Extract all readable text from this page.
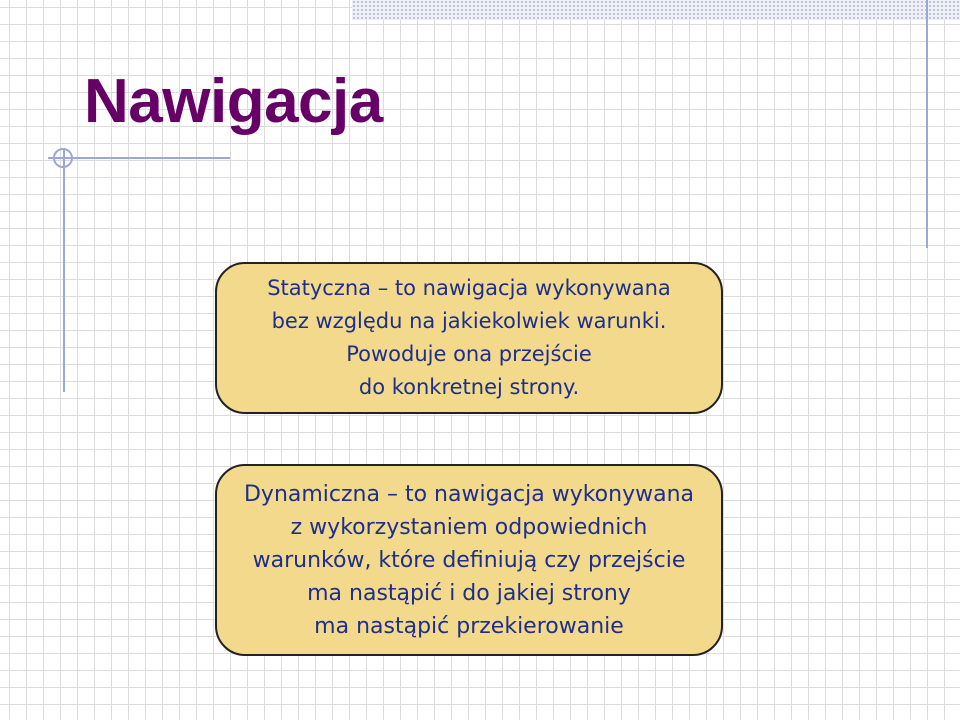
Nawigacja
Statyczna – to nawigacja wykonywana
bez względu na jakiekolwiek warunki.
Powoduje ona przejście
do konkretnej strony.
Dynamiczna – to nawigacja wykonywana
z wykorzystaniem odpowiednich
warunków, które definiują czy przejście
ma nastąpić i do jakiej strony
ma nastąpić przekierowanie
